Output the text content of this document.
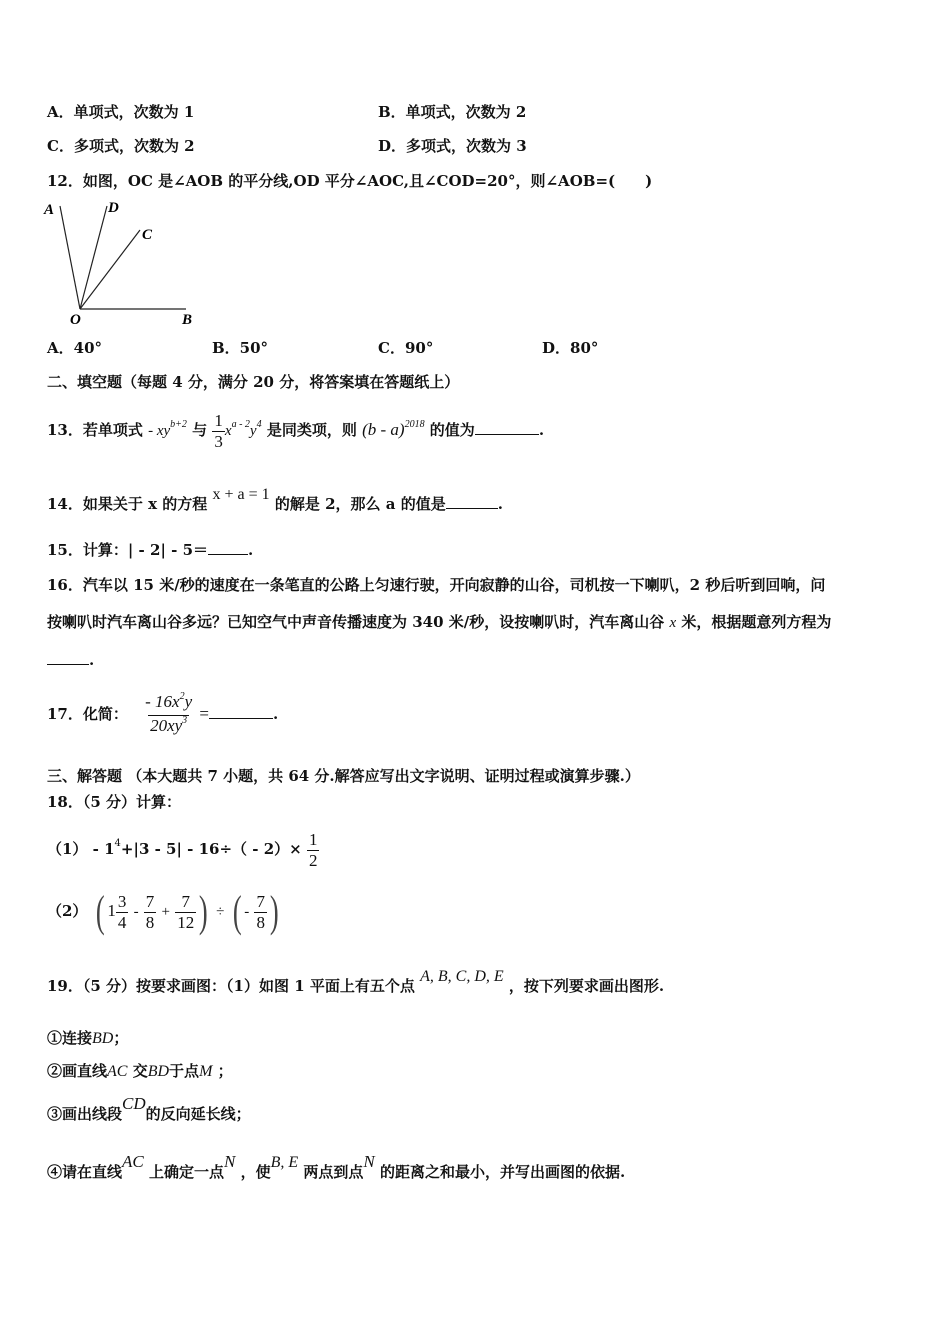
A．单项式，次数为 1	B．单项式，次数为 2
C．多项式，次数为 2	D．多项式，次数为 3
12．如图，OC 是∠AOB 的平分线,OD 平分∠AOC,且∠COD=20°，则∠AOB=(　　)
A	D
C
O	B
A．40°	B．50°	C．90°	D．80°
二、填空题（每题 4 分，满分 20 分，将答案填在答题纸上）
13．若单项式 - $xy^{b+2}$ 与 $\frac{1}{3} x^{a - 2}y^4$ 是同类项，则 (b - a)$^{2018}$ 的值为	.
14．如果关于 x 的方程 x + a = 1 的解是 2，那么 a 的值是	.
15．计算：| - 2| - 5＝	.
16．汽车以 15 米/秒的速度在一条笔直的公路上匀速行驶，开向寂静的山谷，司机按一下喇叭，2 秒后听到回响，问
按喇叭时汽车离山谷多远？已知空气中声音传播速度为 340 米/秒，设按喇叭时，汽车离山谷 x 米，根据题意列方程为
.
17．化简： $\frac{- 16x^2y}{20xy^3}$ =	.
三、解答题 （本大题共 7 小题，共 64 分.解答应写出文字说明、证明过程或演算步骤.）
18．（5 分）计算：
$(1) - 1^4+|3 - 5| - 16\div( - 2)\times \frac{1}{2}$
（2） ( $1 \frac{3}{4} - \frac{7}{8} + \frac{7}{12}$ ) ÷ ( - $\frac{7}{8}$ )
19．（5 分）按要求画图：（1）如图 1 平面上有五个点 A, B, C, D, E ，按下列要求画出图形.
①连接BD；
②画直线AC 交BD于点M ；
③画出线段CD的反向延长线；
④请在直线AC 上确定一点N ，使B, E 两点到点N 的距离之和最小，并写出画图的依据.
